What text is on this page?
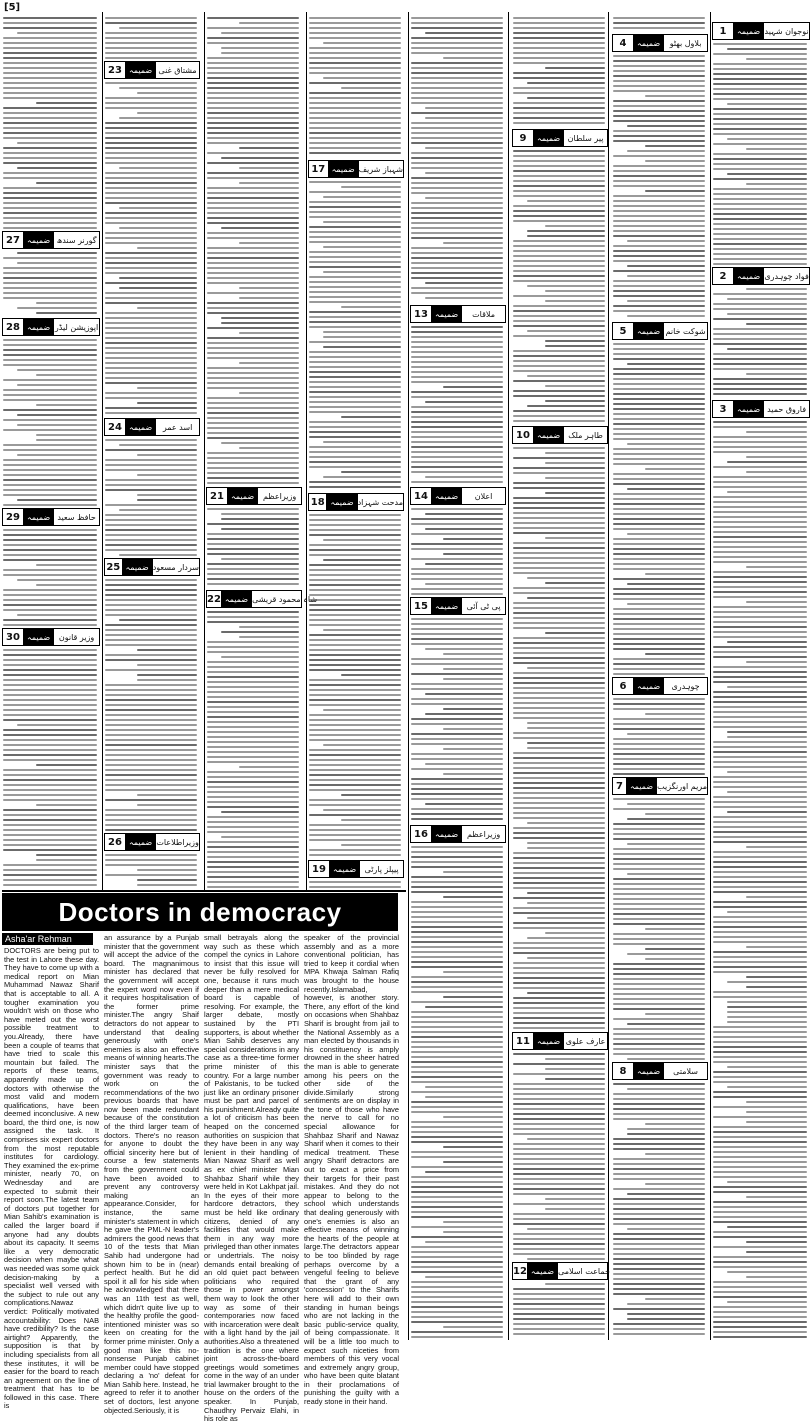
[5]
1	ضمیمہ نوجوان شہید
2	ضمیمہ فواد چوہدری
3	ضمیمہ فاروق حمید
4	ضمیمہ	بلاول بھٹو
5	ضمیمہ شوکت خانم
6	ضمیمہ	چوہدری
7 ضمیمہ مریم اورنگزیب
8	ضمیمہ	سلامتی
9	ضمیمہ پیر سلطان
10 ضمیمہ	طاہر ملک
11 ضمیمہ عارف علوی
12 ضمیمہ جماعت اسلامی
13 ضمیمہ	ملاقات
14 ضمیمہ	اعلان
15 ضمیمہ	پی ٹی آئی
16 ضمیمہ	وزیراعظم
17 ضمیمہ شہباز شریف
18 ضمیمہ مدحت شہزاد
19 ضمیمہ	پیپلز پارٹی
21 ضمیمہ	وزیراعظم
22 ضمیمہ شاہ محمود قریشی
23 ضمیمہ مشتاق غنی
24 ضمیمہ	اسد عمر
25 ضمیمہ سردار مسعود
26 ضمیمہ وزیراطلاعات
27 ضمیمہ گورنر سندھ
28 ضمیمہ اپوزیشن لیڈر
29 ضمیمہ حافظ سعید
30 ضمیمہ	وزیر قانون
Doctors in democracy
Asha'ar Rehman
DOCTORS are being put to the test in Lahore these day. They have to come up with a medical report on Mian Muhammad Nawaz Sharif that is acceptable to all. A tougher examination you wouldn't wish on those who have meted out the worst possible treatment to you.Already, there have been a couple of teams that have tried to scale this mountain but failed. The reports of these teams, apparently made up of doctors with otherwise the most valid and modern qualifications, have been deemed inconclusive. A new board, the third one, is now assigned the task. It comprises six expert doctors from the most reputable institutes for cardiology. They examined the ex-prime minister, nearly 70, on Wednesday and are expected to submit their report soon.The latest team of doctors put together for Mian Sahib's examination is called the larger board if anyone had any doubts about its capacity. It seems like a very democratic decision when maybe what was needed was some quick decision-making by a specialist well versed with the subject to rule out any complications.Nawaz verdict: Politically motivated accountability: Does NAB have credibility? Is the case airtight? Apparently, the supposition is that by including specialists from all these institutes, it will be easier for the board to reach an agreement on the line of treatment that has to be followed in this case. There is
an assurance by a Punjab minister that the government will accept the advice of the board. The magnanimous minister has declared that the government will accept the expert word now even if it requires hospitalisation of the former prime minister.The angry Shaif detractors do not appear to understand that dealing generously with one's enemies is also an effective means of winning hearts.The minister says that the government was ready to work on the recommendations of the two previous boards that have now been made redundant because of the constitution of the third larger team of doctors. There's no reason for anyone to doubt the official sincerity here but of course a few statements from the government could have been avoided to prevent any controversy making an appearance.Consider, for instance, the same minister's statement in which he gave the PML-N leader's admirers the good news that 10 of the tests that Mian Sahib had undergone had shown him to be in (near) perfect health. But he did spoil it all for his side when he acknowledged that there was an 11th test as well, which didn't quite live up to the healthy profile the good-intentioned minister was so keen on creating for the former prime minister. Only a good man like this no-nonsense Punjab cabinet member could have stopped declaring a 'no' defeat for Mian Sahib here. Instead, he agreed to refer it to another set of doctors, lest anyone objected.Seriously, it is
small betrayals along the way such as these which compel the cynics in Lahore to insist that this issue will never be fully resolved for one, because it runs much deeper than a mere medical board is capable of resolving. For example, the larger debate, mostly sustained by the PTI supporters, is about whether Mian Sahib deserves any special considerations in any case as a three-time former prime minister of this country. For a large number of Pakistanis, to be tucked just like an ordinary prisoner must be part and parcel of his punishment.Already quite a lot of criticism has been heaped on the concerned authorities on suspicion that they have been in any way lenient in their handling of Mian Nawaz Sharif as well as ex chief minister Mian Shahbaz Sharif while they were held in Kot Lakhpat jail. In the eyes of their more hardcore detractors, they must be held like ordinary citizens, denied of any facilities that would make them in any way more privileged than other inmates or undertrials. The noisy demands entail breaking of an old quiet pact between politicians who required those in power amongst them way to look the other way as some of their contemporaries now faced with incarceration were dealt with a light hand by the jail authorities.Also a threatened tradition is the one where joint across-the-board greetings would sometimes come in the way of an under trial lawmaker brought to the house on the orders of the speaker. In Punjab, Chaudhry Pervaiz Elahi, in his role as
speaker of the provincial assembly and as a more conventional politician, has tried to keep it cordial when MPA Khwaja Salman Rafiq was brought to the house recently.Islamabad, however, is another story. There, any effort of the kind on occasions when Shahbaz Sharif is brought from jail to the National Assembly as a man elected by thousands in his constituency is amply drowned in the sheer hatred the man is able to generate among his peers on the other side of the divide.Similarly strong sentiments are on display in the tone of those who have the nerve to call for no special allowance for Shahbaz Sharif and Nawaz Sharif when it comes to their medical treatment. These angry Sharif detractors are out to exact a price from their targets for their past mistakes. And they do not appear to belong to the school which understands that dealing generously with one's enemies is also an effective means of winning the hearts of the people at large.The detractors appear to be too blinded by rage perhaps overcome by a vengeful feeling to believe that the grant of any 'concession' to the Sharifs here will add to their own standing in human beings who are not lacking in the basic public-service quality, of being compassionate. It will be a little too much to expect such niceties from members of this very vocal and extremely angry group, who have been quite blatant in their proclamations of punishing the guilty with a ready stone in their hand.
